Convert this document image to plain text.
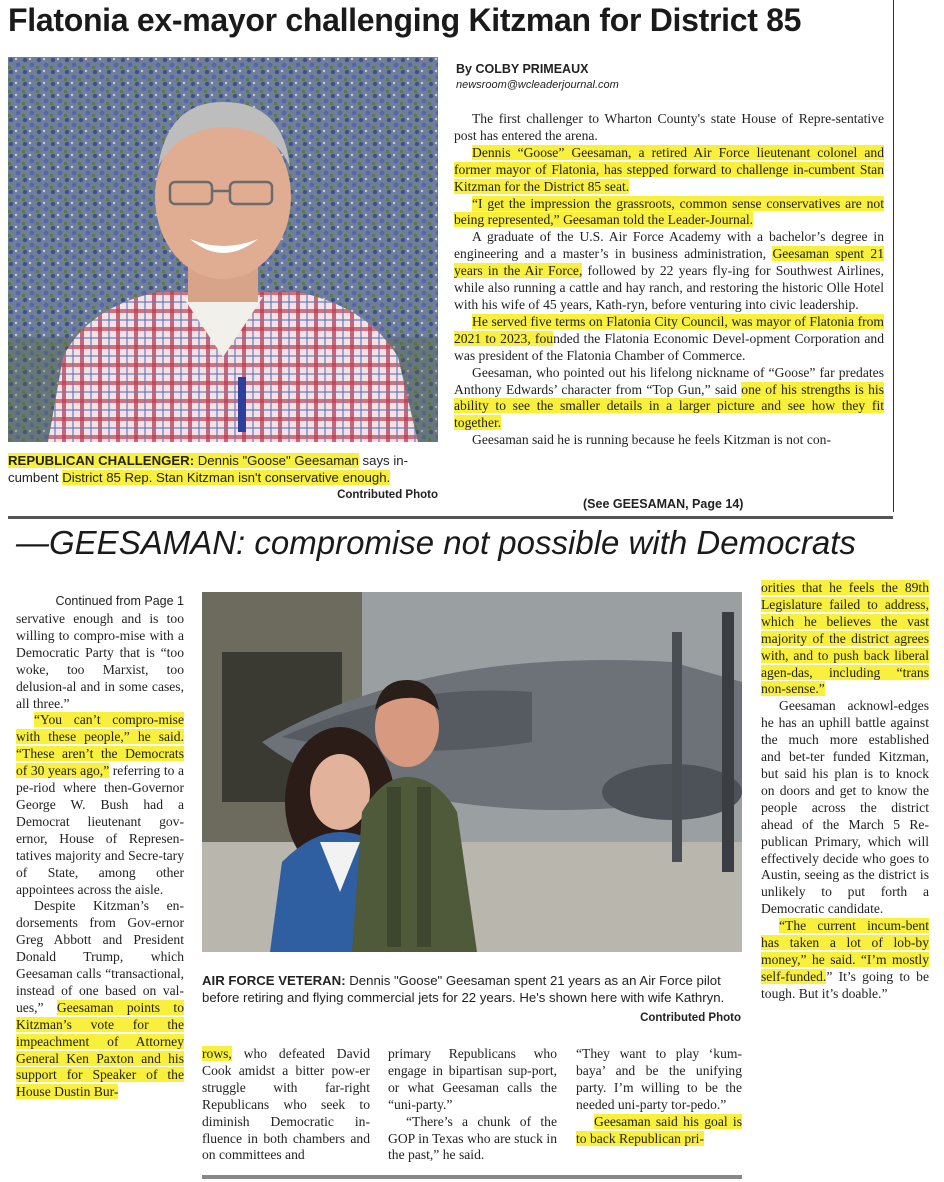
Flatonia ex-mayor challenging Kitzman for District 85
REPUBLICAN CHALLENGER: Dennis "Goose" Geesaman says in-cumbent District 85 Rep. Stan Kitzman isn't conservative enough.
Contributed Photo
By COLBY PRIMEAUX
newsroom@wcleaderjournal.com

The first challenger to Wharton County's state House of Repre-sentative post has entered the arena.

Dennis “Goose” Geesaman, a retired Air Force lieutenant colonel and former mayor of Flatonia, has stepped forward to challenge in-cumbent Stan Kitzman for the District 85 seat.

“I get the impression the grassroots, common sense conservatives are not being represented,” Geesaman told the Leader-Journal.

A graduate of the U.S. Air Force Academy with a bachelor’s degree in engineering and a master’s in business administration, Geesaman spent 21 years in the Air Force, followed by 22 years fly-ing for Southwest Airlines, while also running a cattle and hay ranch, and restoring the historic Olle Hotel with his wife of 45 years, Kath-ryn, before venturing into civic leadership.

He served five terms on Flatonia City Council, was mayor of Flatonia from 2021 to 2023, founded the Flatonia Economic Devel-opment Corporation and was president of the Flatonia Chamber of Commerce.

Geesaman, who pointed out his lifelong nickname of “Goose” far predates Anthony Edwards’ character from “Top Gun,” said one of his strengths is his ability to see the smaller details in a larger picture and see how they fit together.

Geesaman said he is running because he feels Kitzman is not con-

(See GEESAMAN, Page 14)
—GEESAMAN: compromise not possible with Democrats
Continued from Page 1

servative enough and is too willing to compro-mise with a Democratic Party that is “too woke, too Marxist, too delusion-al and in some cases, all three.”

“You can’t compro-mise with these people,” he said. “These aren’t the Democrats of 30 years ago,” referring to a pe-riod where then-Governor George W. Bush had a Democrat lieutenant gov-ernor, House of Represen-tatives majority and Secre-tary of State, among other appointees across the aisle.

Despite Kitzman’s en-dorsements from Gov-ernor Greg Abbott and President Donald Trump, which Geesaman calls “transactional, instead of one based on val-ues,” Geesaman points to Kitzman’s vote for the impeachment of Attorney General Ken Paxton and his support for Speaker of the House Dustin Bur-

AIR FORCE VETERAN: Dennis "Goose" Geesaman spent 21 years as an Air Force pilot before retiring and flying commercial jets for 22 years. He's shown here with wife Kathryn.
Contributed Photo

rows, who defeated David Cook amidst a bitter pow-er struggle with far-right Republicans who seek to diminish Democratic in-fluence in both chambers and on committees and

primary Republicans who engage in bipartisan sup-port, or what Geesaman calls the “uni-party.”

“There’s a chunk of the GOP in Texas who are stuck in the past,” he said.

“They want to play ‘kum-baya’ and be the unifying party. I’m willing to be the needed uni-party tor-pedo.”

Geesaman said his goal is to back Republican pri-

orities that he feels the 89th Legislature failed to address, which he believes the vast majority of the district agrees with, and to push back liberal agen-das, including “trans non-sense.”

Geesaman acknowl-edges he has an uphill battle against the much more established and bet-ter funded Kitzman, but said his plan is to knock on doors and get to know the people across the district ahead of the March 5 Re-publican Primary, which will effectively decide who goes to Austin, seeing as the district is unlikely to put forth a Democratic candidate.

“The current incum-bent has taken a lot of lob-by money,” he said. “I’m mostly self-funded.” It’s going to be tough. But it’s doable.”
